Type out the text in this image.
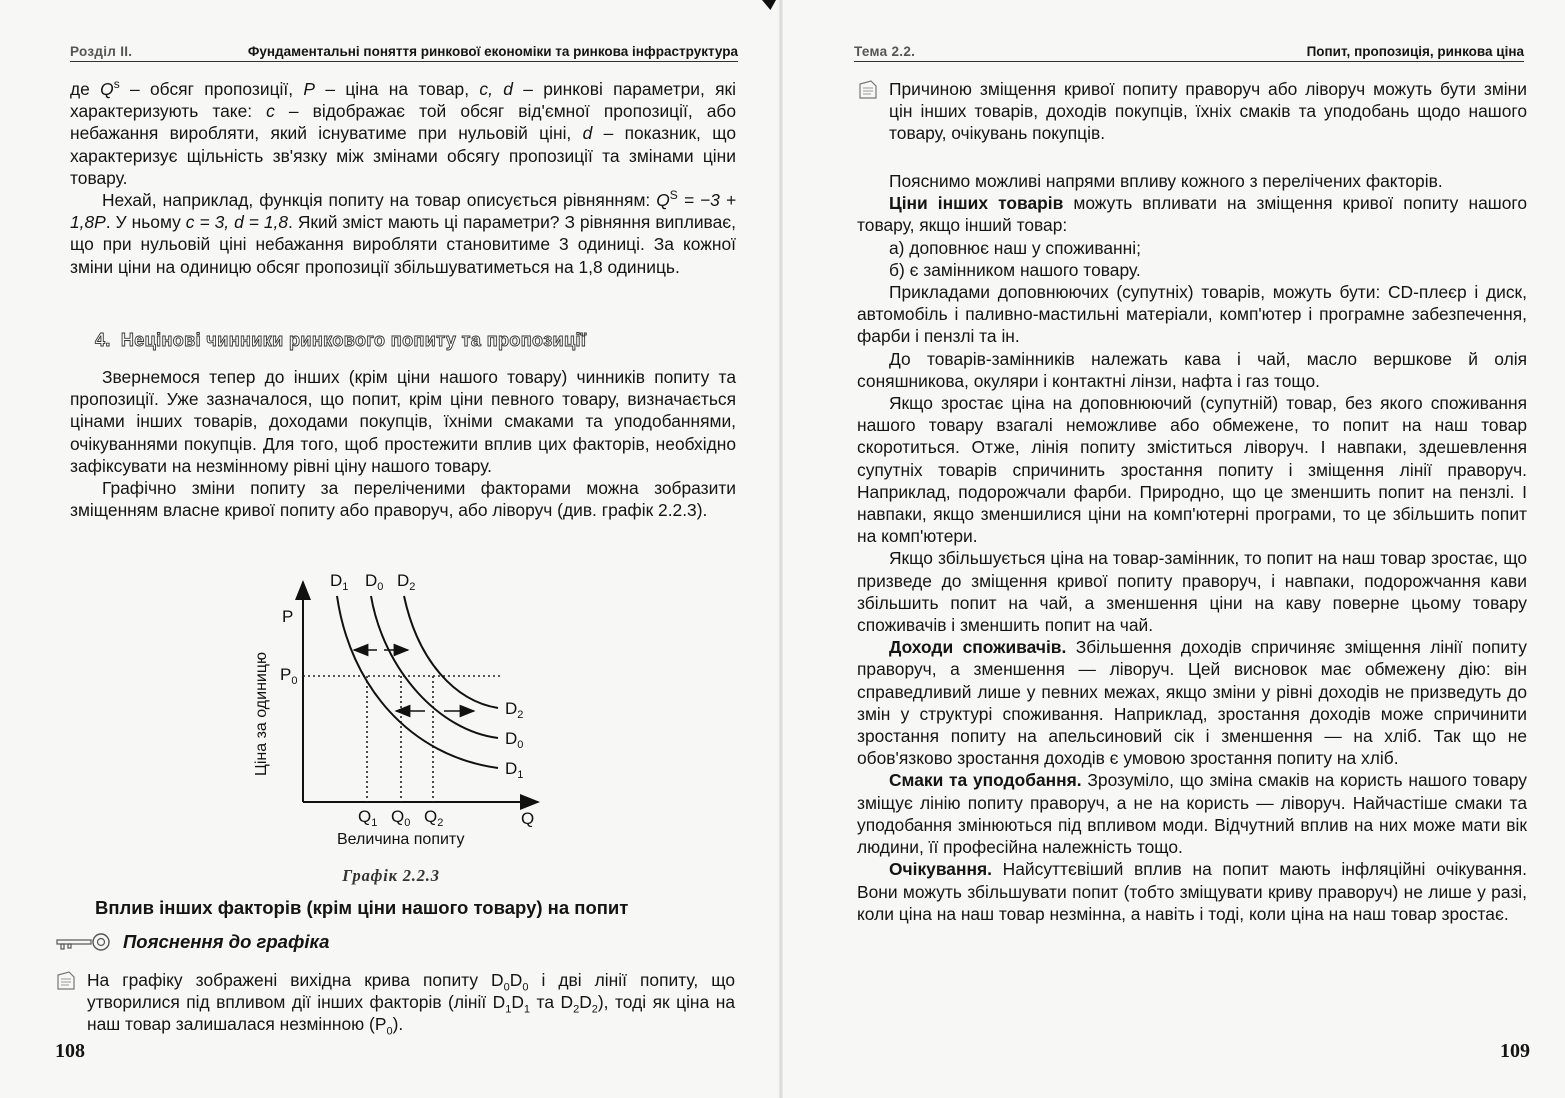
Розділ II.	Фундаментальні поняття ринкової економіки та ринкова інфраструктура

де $Q^s$ – обсяг пропозиції, P – ціна на товар, c, d – ринкові параметри, які характеризують таке: c – відображає той обсяг від'ємної пропозиції, або небажання виробляти, який існуватиме при нульовій ціні, d – показник, що характеризує щільність зв'язку між змінами обсягу пропозиції та змінами ціни товару.

Нехай, наприклад, функція попиту на товар описується рівнянням: $Q^S = -3 + 1,8P$. У ньому c = 3, d = 1,8. Який зміст мають ці параметри? З рівняння випливає, що при нульовій ціні небажання виробляти становитиме 3 одиниці. За кожної зміни ціни на одиницю обсяг пропозиції збільшуватиметься на 1,8 одиниць.

4. Нецінові чинники ринкового попиту та пропозиції

Звернемося тепер до інших (крім ціни нашого товару) чинників попиту та пропозиції. Уже зазначалося, що попит, крім ціни певного товару, визначається цінами інших товарів, доходами покупців, їхніми смаками та уподобаннями, очікуваннями покупців. Для того, щоб простежити вплив цих факторів, необхідно зафіксувати на незмінному рівні ціну нашого товару.

Графічно зміни попиту за переліченими факторами можна зобразити зміщенням власне кривої попиту або праворуч, або ліворуч (див. графік 2.2.3).

$D_1$ $D_0$ $D_2$
P
$P_0$
$D_2$
$D_0$
$D_1$
$Q_1$ $Q_0$ $Q_2$	Q
Величина попиту
Ціна за одиницю
Графік 2.2.3
Вплив інших факторів (крім ціни нашого товару) на попит
Пояснення до графіка

На графіку зображені вихідна крива попиту $D_0D_0$ і дві лінії попиту, що утворилися під впливом дії інших факторів (лінії $D_1D_1$ та $D_2D_2$), тоді як ціна на наш товар залишалася незмінною $(P_0)$.

108
Тема 2.2.	Попит, пропозиція, ринкова ціна

Причиною зміщення кривої попиту праворуч або ліворуч можуть бути зміни цін інших товарів, доходів покупців, їхніх смаків та уподобань щодо нашого товару, очікувань покупців.

Пояснимо можливі напрями впливу кожного з перелічених факторів.

Ціни інших товарів можуть впливати на зміщення кривої попиту нашого товару, якщо інший товар:

а) доповнює наш у споживанні;

б) є замінником нашого товару.

Прикладами доповнюючих (супутніх) товарів, можуть бути: CD-плеєр і диск, автомобіль і паливно-мастильні матеріали, комп'ютер і програмне забезпечення, фарби і пензлі та ін.

До товарів-замінників належать кава і чай, масло вершкове й олія соняшникова, окуляри і контактні лінзи, нафта і газ тощо.

Якщо зростає ціна на доповнюючий (супутній) товар, без якого споживання нашого товару взагалі неможливе або обмежене, то попит на наш товар скоротиться. Отже, лінія попиту зміститься ліворуч. І навпаки, здешевлення супутніх товарів спричинить зростання попиту і зміщення лінії праворуч. Наприклад, подорожчали фарби. Природно, що це зменшить попит на пензлі. І навпаки, якщо зменшилися ціни на комп'ютерні програми, то це збільшить попит на комп'ютери.

Якщо збільшується ціна на товар-замінник, то попит на наш товар зростає, що призведе до зміщення кривої попиту праворуч, і навпаки, подорожчання кави збільшить попит на чай, а зменшення ціни на каву поверне цьому товару споживачів і зменшить попит на чай.

Доходи споживачів. Збільшення доходів спричиняє зміщення лінії попиту праворуч, а зменшення — ліворуч. Цей висновок має обмежену дію: він справедливий лише у певних межах, якщо зміни у рівні доходів не призведуть до змін у структурі споживання. Наприклад, зростання доходів може спричинити зростання попиту на апельсиновий сік і зменшення — на хліб. Так що не обов'язково зростання доходів є умовою зростання попиту на хліб.

Смаки та уподобання. Зрозуміло, що зміна смаків на користь нашого товару зміщує лінію попиту праворуч, а не на користь — ліворуч. Найчастіше смаки та уподобання змінюються під впливом моди. Відчутний вплив на них може мати вік людини, її професійна належність тощо.

Очікування. Найсуттєвіший вплив на попит мають інфляційні очікування. Вони можуть збільшувати попит (тобто зміщувати криву праворуч) не лише у разі, коли ціна на наш товар незмінна, а навіть і тоді, коли ціна на наш товар зростає.

109
